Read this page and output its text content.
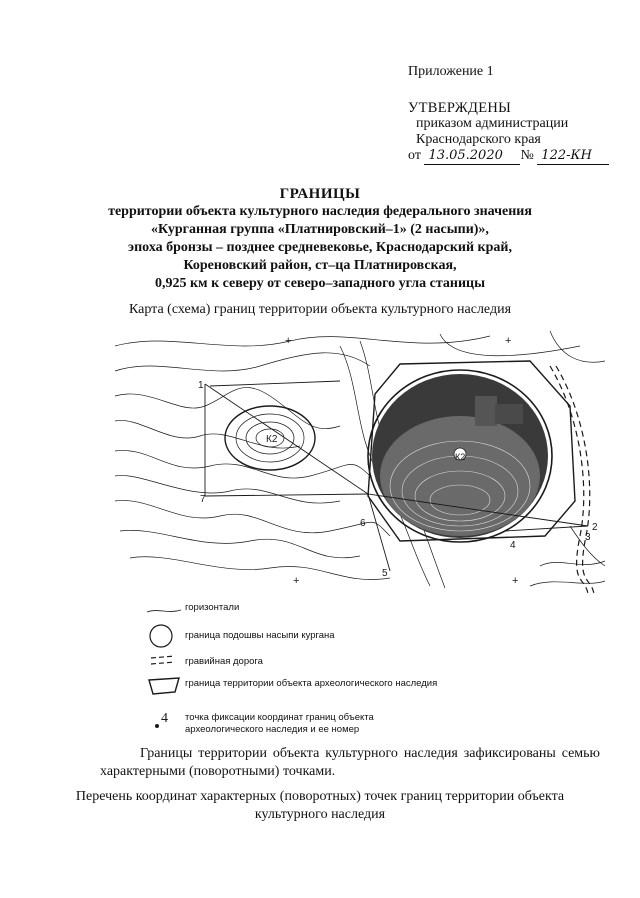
Приложение 1
УТВЕРЖДЕНЫ
приказом администрации
Краснодарского края
от 13.05.2020 № 122-КН
ГРАНИЦЫ
территории объекта культурного наследия федерального значения
«Курганная группа «Платнировский–1» (2 насыпи)»,
эпоха бронзы – позднее средневековье, Краснодарский край,
Кореновский район, ст–ца Платнировская,
0,925 км к северу от северо–западного угла станицы
Карта (схема) границ территории объекта культурного наследия
К2
К2
1
2
3
4
5
6
7
+	+
+	+
горизонтали
граница подошвы насыпи кургана
гравийная дорога
граница территории объекта археологического наследия
4 точка фиксации координат границ объекта археологического наследия и ее номер
Границы территории объекта культурного наследия зафиксированы семью характерными (поворотными) точками.
Перечень координат характерных (поворотных) точек границ территории объекта культурного наследия
